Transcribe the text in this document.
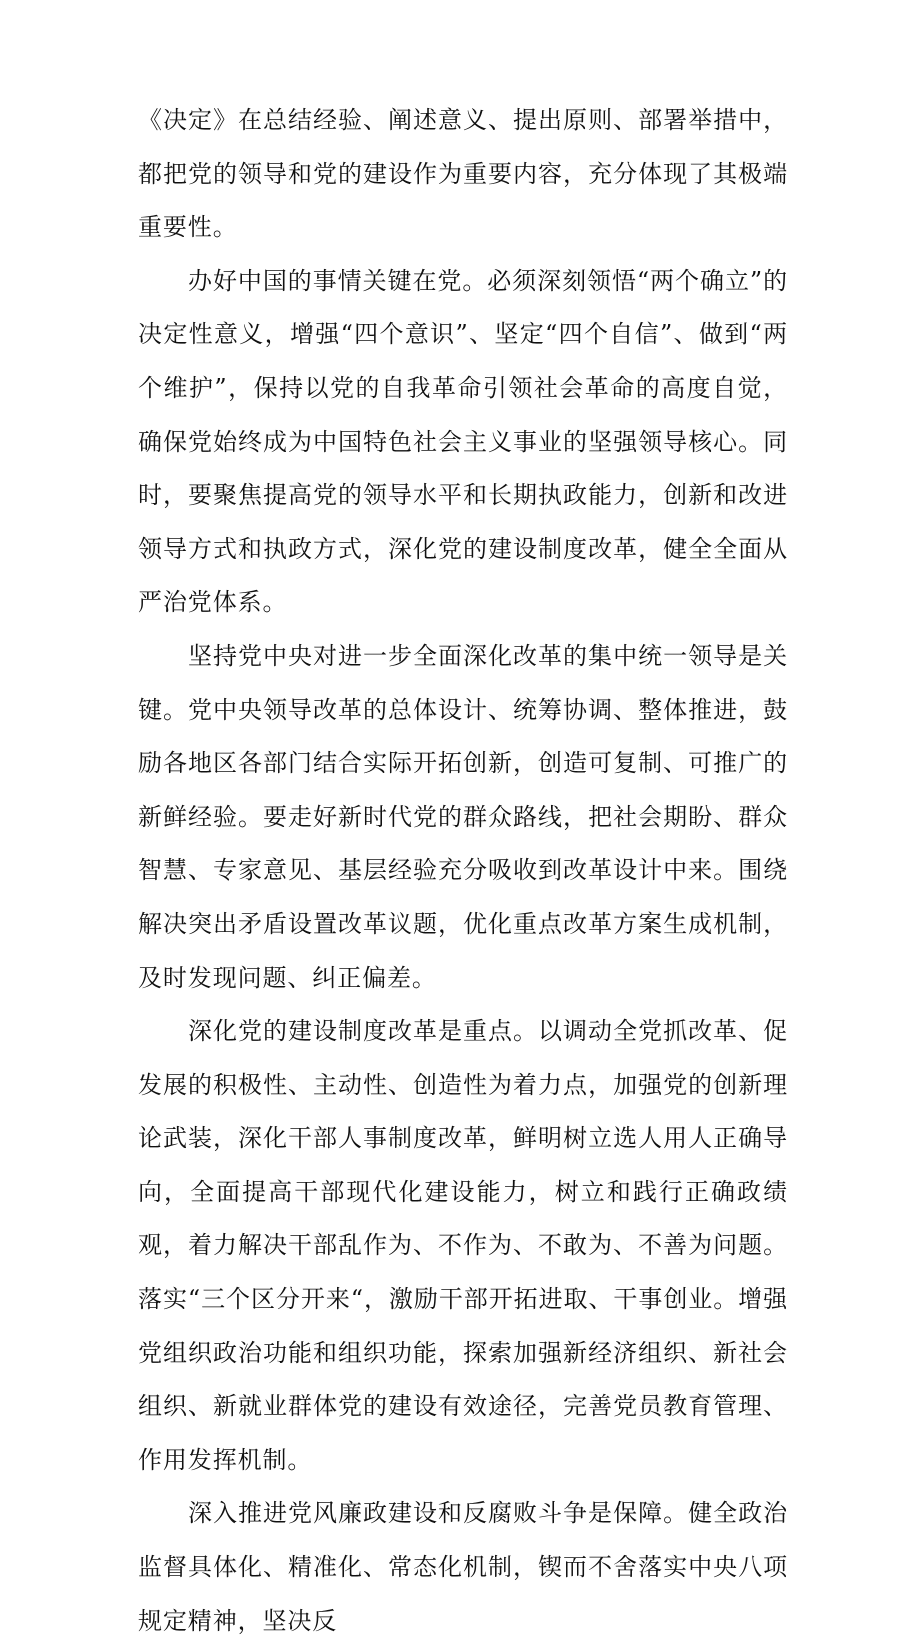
《决定》在总结经验、阐述意义、提出原则、部署举措中，都把党的领导和党的建设作为重要内容，充分体现了其极端重要性。

办好中国的事情关键在党。必须深刻领悟“两个确立”的决定性意义，增强“四个意识”、坚定“四个自信”、做到“两个维护”，保持以党的自我革命引领社会革命的高度自觉，确保党始终成为中国特色社会主义事业的坚强领导核心。同时，要聚焦提高党的领导水平和长期执政能力，创新和改进领导方式和执政方式，深化党的建设制度改革，健全全面从严治党体系。

坚持党中央对进一步全面深化改革的集中统一领导是关键。党中央领导改革的总体设计、统筹协调、整体推进，鼓励各地区各部门结合实际开拓创新，创造可复制、可推广的新鲜经验。要走好新时代党的群众路线，把社会期盼、群众智慧、专家意见、基层经验充分吸收到改革设计中来。围绕解决突出矛盾设置改革议题，优化重点改革方案生成机制，及时发现问题、纠正偏差。

深化党的建设制度改革是重点。以调动全党抓改革、促发展的积极性、主动性、创造性为着力点，加强党的创新理论武装，深化干部人事制度改革，鲜明树立选人用人正确导向，全面提高干部现代化建设能力，树立和践行正确政绩观，着力解决干部乱作为、不作为、不敢为、不善为问题。落实“三个区分开来“，激励干部开拓进取、干事创业。增强党组织政治功能和组织功能，探索加强新经济组织、新社会组织、新就业群体党的建设有效途径，完善党员教育管理、作用发挥机制。

深入推进党风廉政建设和反腐败斗争是保障。健全政治监督具体化、精准化、常态化机制，锲而不舍落实中央八项规定精神，坚决反
